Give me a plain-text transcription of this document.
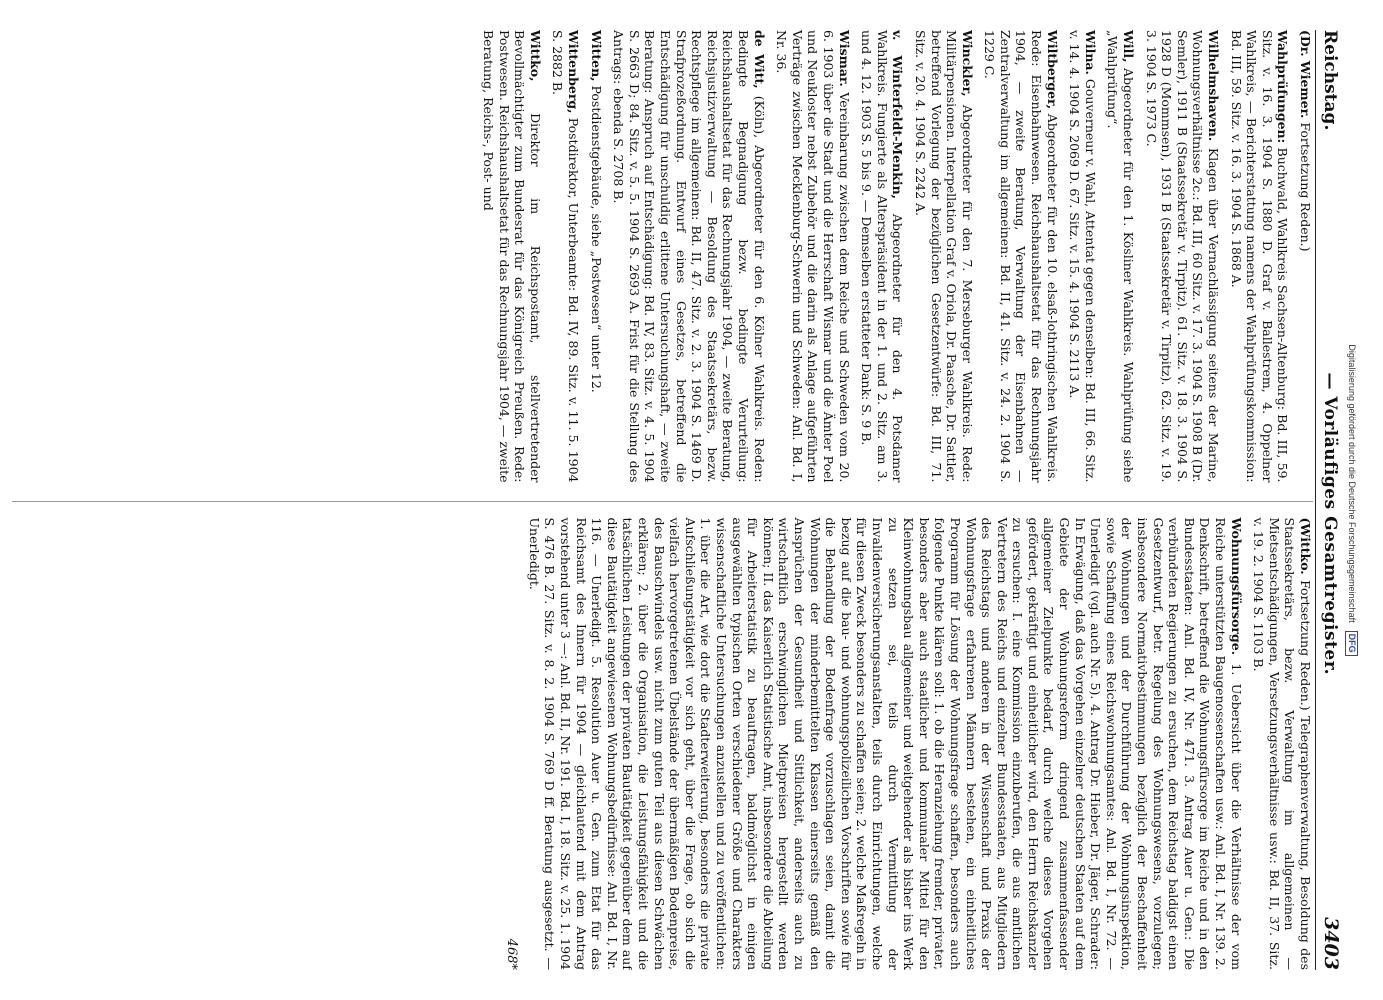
Reichstag.
— Vorläufiges Gesamtregister.
3403

(Dr. Wiemer. Fortsetzung Reden.)

Wahlprüfungen: Buchwald, Wahlkreis Sachsen-Altenburg: Bd. III, 59. Sitz. v. 16. 3. 1904 S. 1880 D. Graf v. Ballestrem, 4. Oppelner Wahlkreis, — Berichterstattung namens der Wahlprüfungskommission: Bd. III, 59. Sitz. v. 16. 3. 1904 S. 1868 A.

Wilhelmshaven. Klagen über Vernachlässigung seitens der Marine, Wohnungsverhältnisse 2c.: Bd. III, 60 Sitz. v. 17. 3. 1904 S. 1908 B (Dr. Semler), 1911 B (Staatssekretär v. Tirpitz). 61. Sitz. v. 18. 3. 1904 S. 1928 D (Mommsen), 1931 B (Staatssekretär v. Tirpitz). 62. Sitz. v. 19. 3. 1904 S. 1973 C.

Will, Abgeordneter für den 1. Kösliner Wahlkreis. Wahlprüfung siehe „Wahlprüfung“.

Wilna. Gouverneur v. Wahl, Attentat gegen denselben: Bd. III, 66. Sitz. v. 14. 4. 1904 S. 2069 D. 67. Sitz. v. 15. 4. 1904 S. 2113 A.

Wiltberger, Abgeordneter für den 10. elsaß-lothringischen Wahlkreis. Rede: Eisenbahnwesen. Reichshaushaltsetat für das Rechnungsjahr 1904, — zweite Beratung, Verwaltung der Eisenbahnen — Zentralverwaltung im allgemeinen: Bd. II, 41. Sitz. v. 24. 2. 1904 S. 1229 C.

Winckler, Abgeordneter für den 7. Merseburger Wahlkreis. Rede: Militärpensionen. Interpellation Graf v. Oriola, Dr. Paasche, Dr. Sattler, betreffend Vorlegung der bezüglichen Gesetzentwürfe: Bd. III, 71. Sitz. v. 20. 4. 1904 S. 2242 A.

v. Winterfeldt-Menkin, Abgeordneter für den 4. Potsdamer Wahlkreis. Fungierte als Alterspräsident in der 1. und 2. Sitz. am 3. und 4. 12. 1903 S. 5 bis 9. — Demselben erstatteter Dank: S. 9 B.

Wismar. Vereinbarung zwischen dem Reiche und Schweden vom 20. 6. 1903 über die Stadt und die Herrschaft Wismar und die Ämter Poel und Neukloster nebst Zubehör und die darin als Anlage aufgeführten Verträge zwischen Mecklenburg-Schwerin und Schweden: Anl. Bd. I, Nr. 36.

de Witt, (Köln), Abgeordneter für den 6. Kölner Wahlkreis. Reden: Bedingte Begnadigung bezw. bedingte Verurteilung: Reichshaushaltsetat für das Rechnungsjahr 1904, — zweite Beratung, Reichsjustizverwaltung — Besoldung des Staatssekretärs, bezw. Rechtspflege im allgemeinen: Bd. II, 47. Sitz. v. 2. 3. 1904 S. 1469 D. Strafprozeßordnung. Entwurf eines Gesetzes, betreffend die Entschädigung für unschuldig erlittene Untersuchungshaft, — zweite Beratung: Anspruch auf Entschädigung: Bd. IV, 83. Sitz. v. 4. 5. 1904 S. 2663 D; 84. Sitz. v. 5. 5. 1904 S. 2693 A. Frist für die Stellung des Antrags: ebenda S. 2708 B.

Witten, Postdienstgebäude, siehe „Postwesen“ unter 12.

Wittenberg, Postdirektor, Unterbeamte: Bd. IV, 89. Sitz. v. 11. 5. 1904 S. 2882 B.

Wittko, Direktor im Reichspostamt, stellvertretender Bevollmächtigter zum Bundesrat für das Königreich Preußen. Rede: Postwesen. Reichshaushaltsetat für das Rechnungsjahr 1904, — zweite Beratung, Reichs-, Post- und

(Wittko. Fortsetzung Reden.) Telegraphenverwaltung, Besoldung des Staatssekretärs, bezw. Verwaltung im allgemeinen — Mietsentschädigungen, Versetzungsverhältnisse usw.: Bd. II, 37. Sitz. v. 19. 2. 1904 S. 1103 B.

Wohnungsfürsorge. 1. Uebersicht über die Verhältnisse der vom Reiche unterstützten Baugenossenschaften usw.: Anl. Bd. I, Nr. 139. 2. Denkschrift, betreffend die Wohnungsfürsorge im Reiche und in den Bundesstaaten: Anl. Bd. IV, Nr. 471. 3. Antrag Auer u. Gen.: Die verbündeten Regierungen zu ersuchen, dem Reichstag baldigst einen Gesetzentwurf, betr. Regelung des Wohnungswesens, vorzulegen; insbesondere Normativbestimmungen bezüglich der Beschaffenheit der Wohnungen und der Durchführung der Wohnungsinspektion, sowie Schaffung eines Reichswohnungsamtes: Anl. Bd. I, Nr. 72. — Unerledigt (vgl. auch Nr. 5). 4. Antrag Dr. Hieber, Dr. Jäger, Schrader: In Erwägung, daß das Vorgehen einzelner deutschen Staaten auf dem Gebiete der Wohnungsreform dringend zusammenfassender allgemeiner Zielpunkte bedarf, durch welche dieses Vorgehen gefördert, gekräftigt und einheitlicher wird, den Herrn Reichskanzler zu ersuchen: I. eine Kommission einzuberufen, die aus amtlichen Vertretern des Reichs und einzelner Bundesstaaten, aus Mitgliedern des Reichstags und anderen in der Wissenschaft und Praxis der Wohnungsfrage erfahrenen Männern bestehen, ein einheitliches Programm für Lösung der Wohnungsfrage schaffen, besonders auch folgende Punkte klären soll: 1. ob die Heranziehung fremder, privater, besonders aber auch staatlicher und kommunaler Mittel für den Kleinwohnungsbau allgemeiner und weitgehender als bisher ins Werk zu setzen sei, teils durch Vermittlung der Invalidenversicherungsanstalten, teils durch Einrichtungen, welche für diesen Zweck besonders zu schaffen seien; 2. welche Maßregeln in bezug auf die bau- und wohnungspolizeilichen Vorschriften sowie für die Behandlung der Bodenfrage vorzuschlagen seien, damit die Wohnungen der minderbemittelten Klassen einerseits gemäß den Ansprüchen der Gesundheit und Sittlichkeit, anderseits auch zu wirtschaftlich erschwinglichen Mietpreisen hergestellt werden können; II. das Kaiserlich Statistische Amt, insbesondere die Abteilung für Arbeiterstatistik zu beauftragen, baldmöglichst in einigen ausgewählten typischen Orten verschiedener Größe und Charakters wissenschaftliche Untersuchungen anzustellen und zu veröffentlichen: 1. über die Art, wie dort die Stadterweiterung, besonders die private Aufschließungstätigkeit vor sich geht, über die Frage, ob sich die vielfach hervorgetretenen Übelstände der übermäßigen Bodenpreise, des Bauschwindels usw. nicht zum guten Teil aus diesen Schwächen erklären; 2. über die Organisation, die Leistungsfähigkeit und die tatsächlichen Leistungen der privaten Bautätigkeit gegenüber dem auf diese Bautätigkeit angewiesenen Wohnungsbedürfnisse: Anl. Bd. I, Nr. 116. — Unerledigt. 5. Resolution Auer u. Gen. zum Etat für das Reichsamt des Innern für 1904 — gleichlautend mit dem Antrag vorstehend unter 3 —: Anl. Bd. II, Nr. 191. Bd. I, 18. Sitz. v. 25. 1. 1904 S. 476 B. 27. Sitz. v. 8. 2. 1904 S. 769 D ff. Beratung ausgesetzt. — Unerledigt.

468*
Digitalisierung gefördert durch die Deutsche Forschungsgemeinschaft
DFG
